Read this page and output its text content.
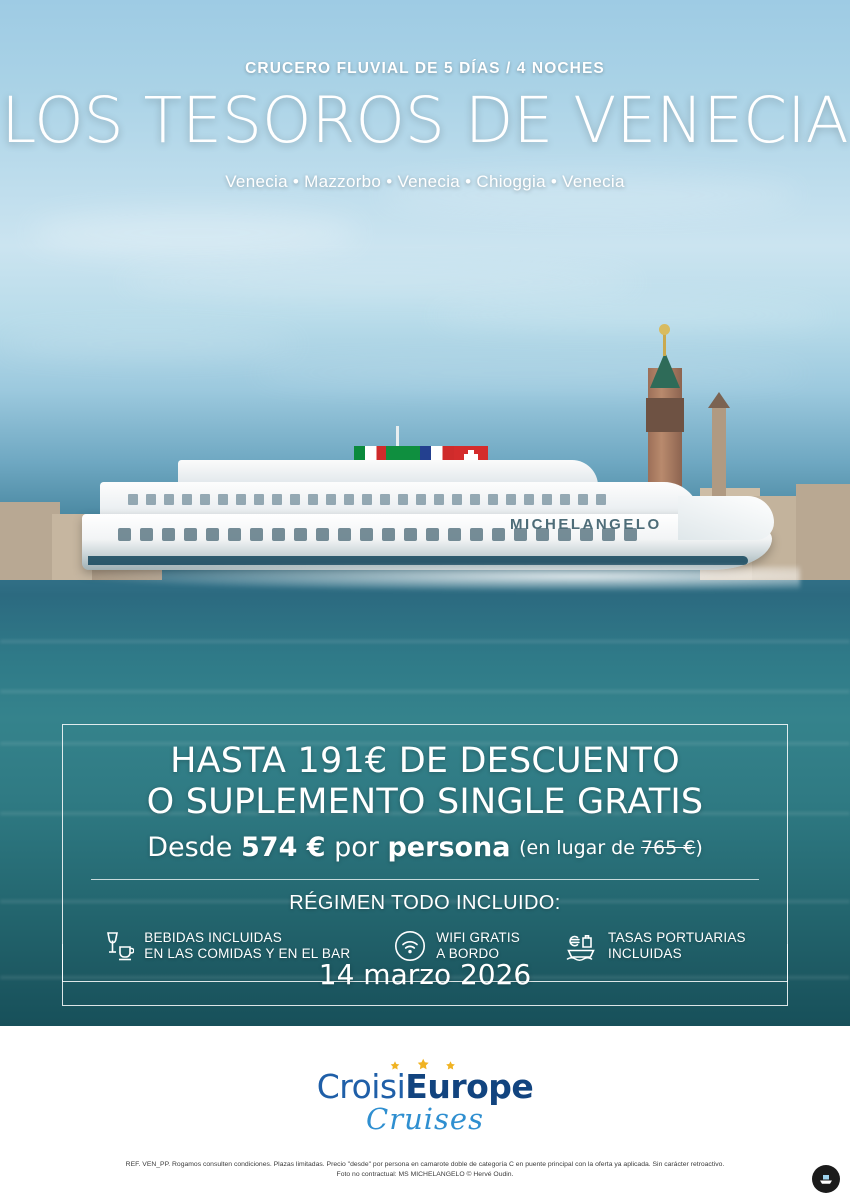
MICHELANGELO
CRUCERO FLUVIAL DE 5 DÍAS / 4 NOCHES
LOS TESOROS DE VENECIA
Venecia • Mazzorbo • Venecia • Chioggia • Venecia
HASTA 191€ DE DESCUENTO
O SUPLEMENTO SINGLE GRATIS
Desde 574 € por persona (en lugar de 765 €)
RÉGIMEN TODO INCLUIDO:
BEBIDAS INCLUIDAS
EN LAS COMIDAS Y EN EL BAR
WIFI GRATIS
A BORDO
TASAS PORTUARIAS
INCLUIDAS
14 marzo 2026
CroisiEurope
Cruises
REF. VEN_PP. Rogamos consulten condiciones. Plazas limitadas. Precio "desde" por persona en camarote doble de categoría C en puente principal con la oferta ya aplicada. Sin carácter retroactivo.
Foto no contractual: MS MICHELANGELO © Hervé Oudin.
